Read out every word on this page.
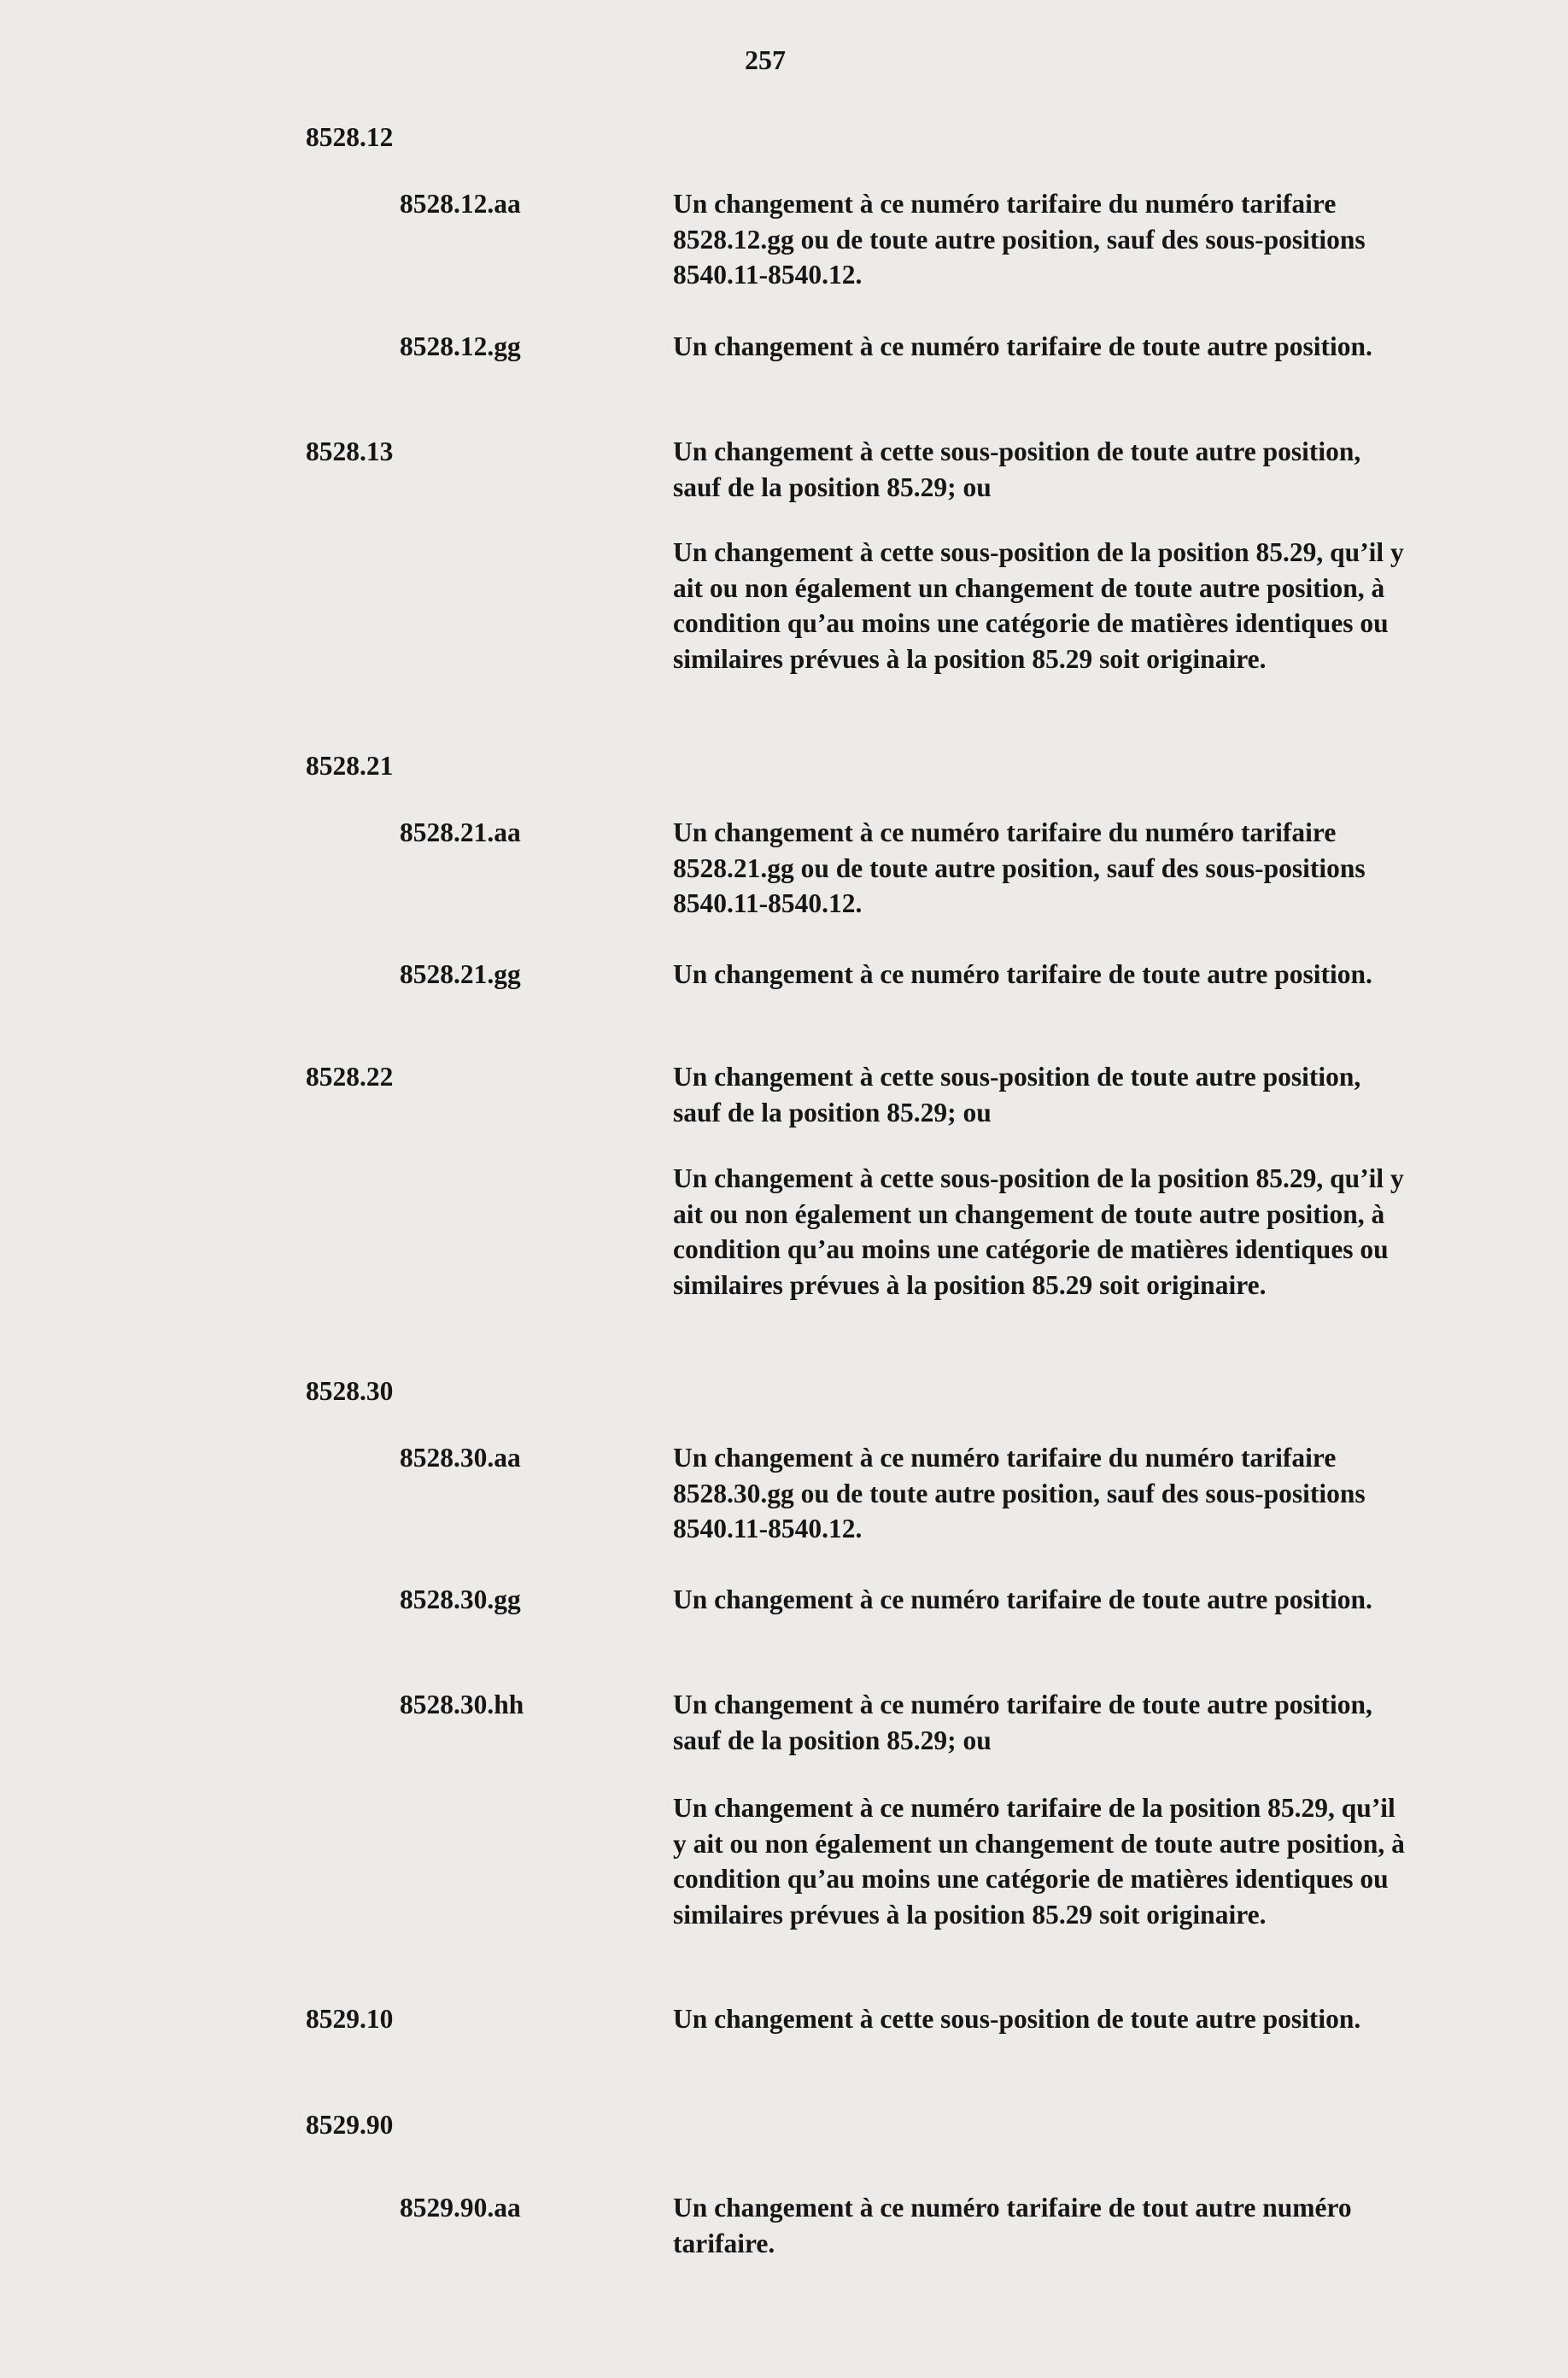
257
8528.12
8528.12.aa
8528.12.gg
8528.13
8528.21
8528.21.aa
8528.21.gg
8528.22
8528.30
8528.30.aa
8528.30.gg
8528.30.hh
8529.10
8529.90
8529.90.aa

Un changement à ce numéro tarifaire du numéro tarifaire 8528.12.gg ou de toute autre position, sauf des sous-positions 8540.11-8540.12.

Un changement à ce numéro tarifaire de toute autre position.

Un changement à cette sous-position de toute autre position, sauf de la position 85.29; ou

Un changement à cette sous-position de la position 85.29, qu’il y ait ou non également un changement de toute autre position, à condition qu’au moins une catégorie de matières identiques ou similaires prévues à la position 85.29 soit originaire.

Un changement à ce numéro tarifaire du numéro tarifaire 8528.21.gg ou de toute autre position, sauf des sous-positions 8540.11-8540.12.

Un changement à ce numéro tarifaire de toute autre position.

Un changement à cette sous-position de toute autre position, sauf de la position 85.29; ou

Un changement à cette sous-position de la position 85.29, qu’il y ait ou non également un changement de toute autre position, à condition qu’au moins une catégorie de matières identiques ou similaires prévues à la position 85.29 soit originaire.

Un changement à ce numéro tarifaire du numéro tarifaire 8528.30.gg ou de toute autre position, sauf des sous-positions 8540.11-8540.12.

Un changement à ce numéro tarifaire de toute autre position.

Un changement à ce numéro tarifaire de toute autre position, sauf de la position 85.29; ou

Un changement à ce numéro tarifaire de la position 85.29, qu’il y ait ou non également un changement de toute autre position, à condition qu’au moins une catégorie de matières identiques ou similaires prévues à la position 85.29 soit originaire.

Un changement à cette sous-position de toute autre position.

Un changement à ce numéro tarifaire de tout autre numéro tarifaire.
